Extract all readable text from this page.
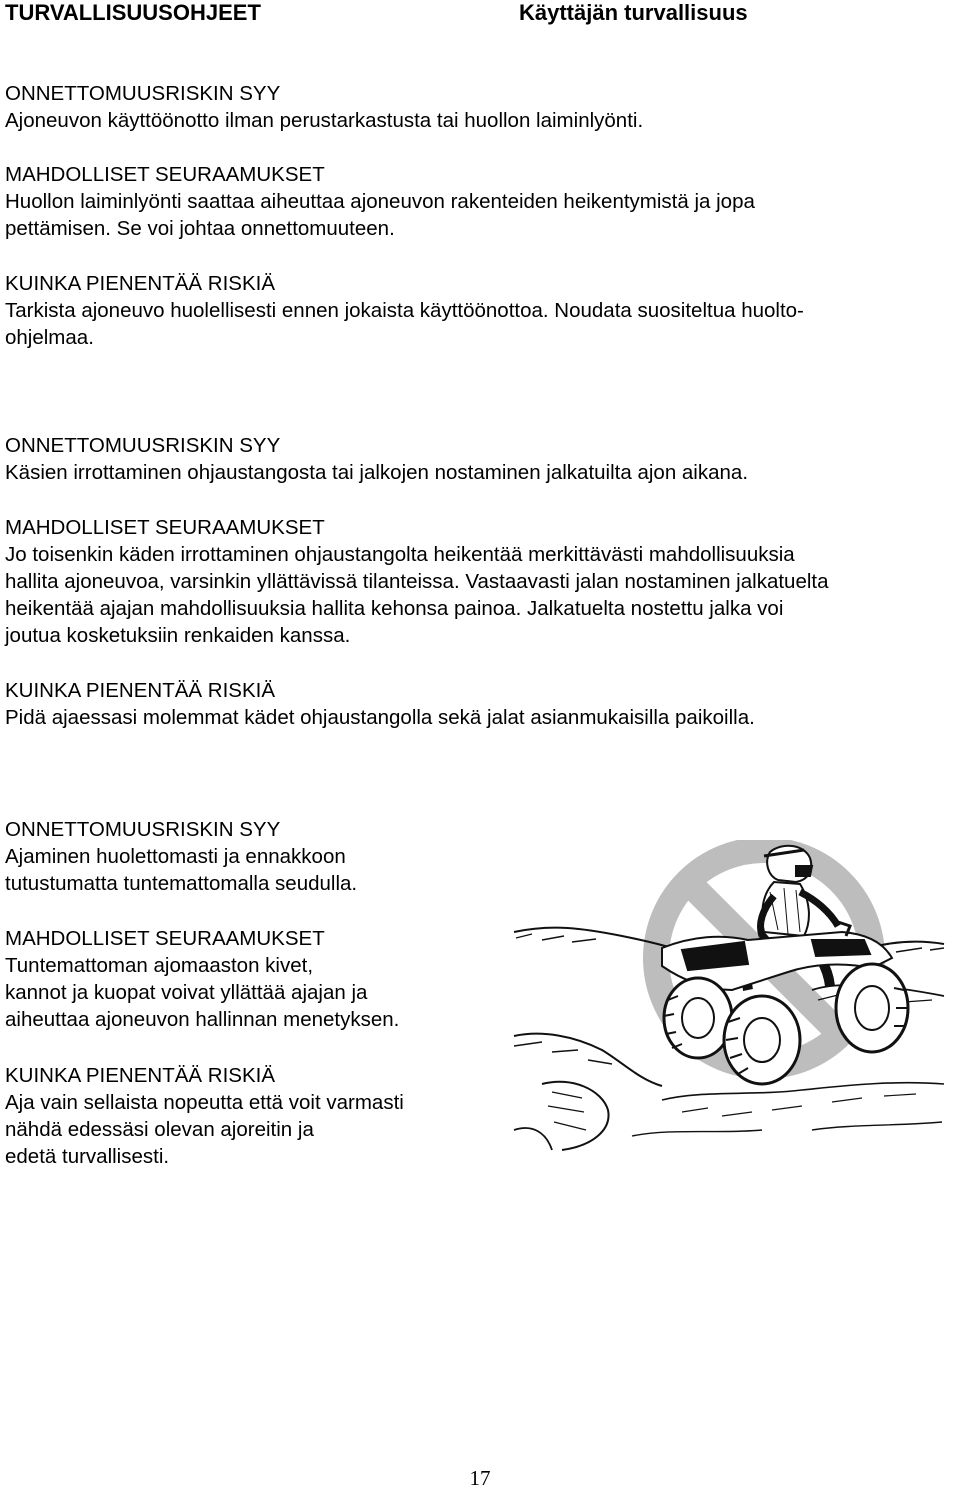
TURVALLISUUSOHJEET	Käyttäjän turvallisuus

ONNETTOMUUSRISKIN SYY

Ajoneuvon käyttöönotto ilman perustarkastusta tai huollon laiminlyönti.

MAHDOLLISET SEURAAMUKSET

Huollon laiminlyönti saattaa aiheuttaa ajoneuvon rakenteiden heikentymistä ja jopa

pettämisen. Se voi johtaa onnettomuuteen.

KUINKA PIENENTÄÄ RISKIÄ

Tarkista ajoneuvo huolellisesti ennen jokaista käyttöönottoa. Noudata suositeltua huolto-

ohjelmaa.

ONNETTOMUUSRISKIN SYY

Käsien irrottaminen ohjaustangosta tai jalkojen nostaminen jalkatuilta ajon aikana.

MAHDOLLISET SEURAAMUKSET

Jo toisenkin käden irrottaminen ohjaustangolta heikentää merkittävästi mahdollisuuksia

hallita ajoneuvoa, varsinkin yllättävissä tilanteissa. Vastaavasti jalan nostaminen jalkatuelta

heikentää ajajan mahdollisuuksia hallita kehonsa painoa. Jalkatuelta nostettu jalka voi

joutua kosketuksiin renkaiden kanssa.

KUINKA PIENENTÄÄ RISKIÄ

Pidä ajaessasi molemmat kädet ohjaustangolla sekä jalat asianmukaisilla paikoilla.

ONNETTOMUUSRISKIN SYY

Ajaminen huolettomasti ja ennakkoon

tutustumatta tuntemattomalla seudulla.

MAHDOLLISET SEURAAMUKSET

Tuntemattoman ajomaaston kivet,

kannot ja kuopat voivat yllättää ajajan ja

aiheuttaa ajoneuvon hallinnan menetyksen.

KUINKA PIENENTÄÄ RISKIÄ

Aja vain sellaista nopeutta että voit varmasti

nähdä edessäsi olevan ajoreitin ja

edetä turvallisesti.

17
